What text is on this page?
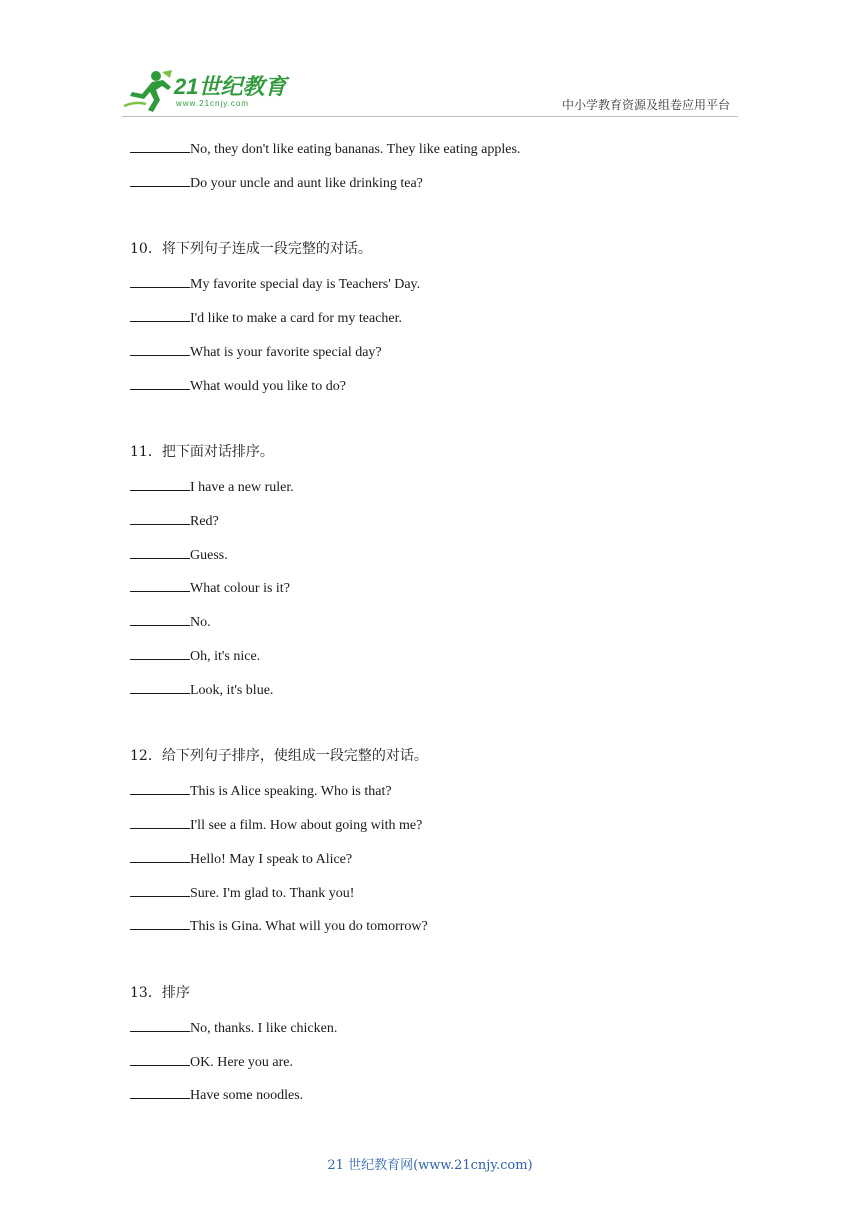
21世纪教育
www.21cnjy.com	中小学教育资源及组卷应用平台
No, they don't like eating bananas. They like eating apples.
Do your uncle and aunt like drinking tea?
10．将下列句子连成一段完整的对话。
My favorite special day is Teachers' Day.
I'd like to make a card for my teacher.
What is your favorite special day?
What would you like to do?
11．把下面对话排序。
I have a new ruler.
Red?
Guess.
What colour is it?
No.
Oh, it's nice.
Look, it's blue.
12．给下列句子排序，使组成一段完整的对话。
This is Alice speaking. Who is that?
I'll see a film. How about going with me?
Hello! May I speak to Alice?
Sure. I'm glad to. Thank you!
This is Gina. What will you do tomorrow?
13．排序
No, thanks. I like chicken.
OK. Here you are.
Have some noodles.
21 世纪教育网(www.21cnjy.com)
